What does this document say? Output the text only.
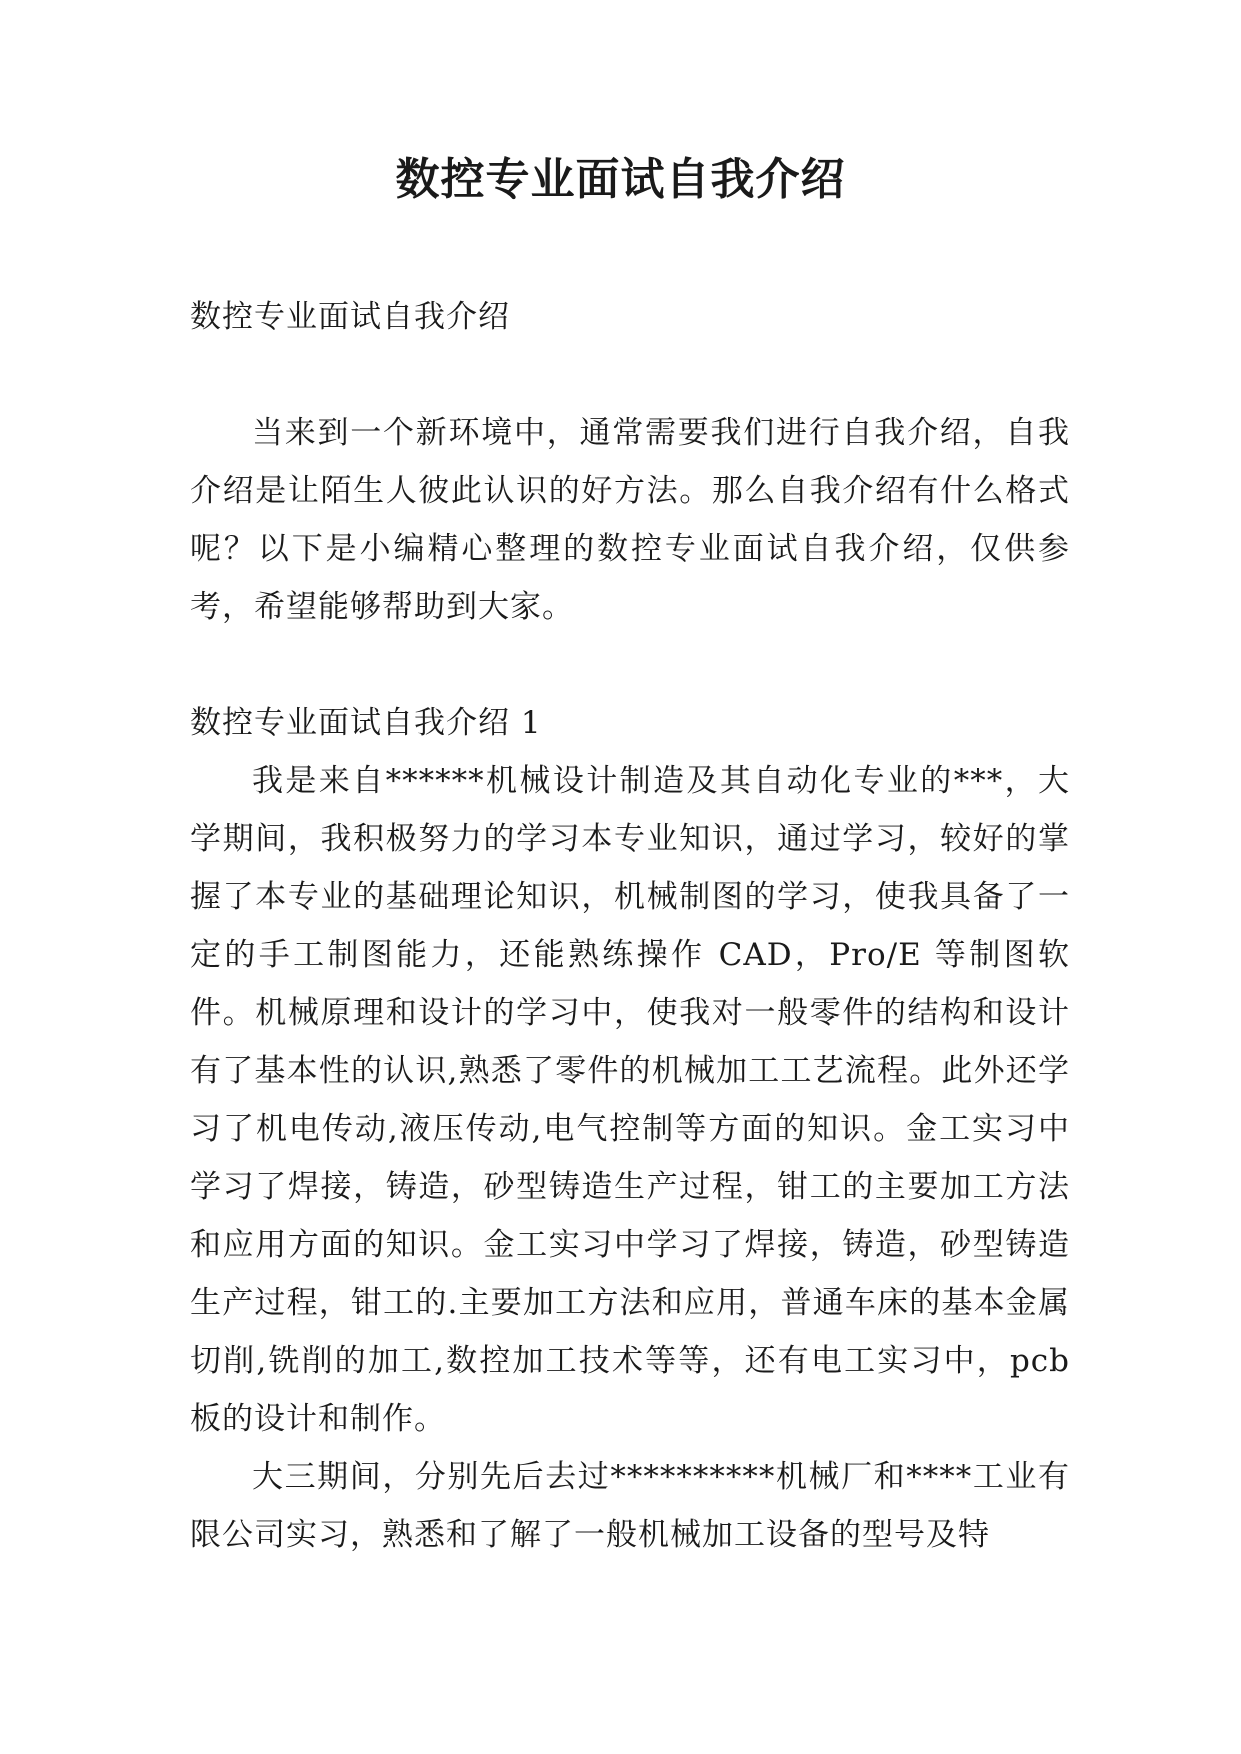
数控专业面试自我介绍
数控专业面试自我介绍
当来到一个新环境中，通常需要我们进行自我介绍，自我介绍是让陌生人彼此认识的好方法。那么自我介绍有什么格式呢？以下是小编精心整理的数控专业面试自我介绍，仅供参考，希望能够帮助到大家。
数控专业面试自我介绍 1
我是来自******机械设计制造及其自动化专业的***，大学期间，我积极努力的学习本专业知识，通过学习，较好的掌握了本专业的基础理论知识，机械制图的学习，使我具备了一定的手工制图能力，还能熟练操作 CAD，Pro/E 等制图软件。机械原理和设计的学习中，使我对一般零件的结构和设计有了基本性的认识,熟悉了零件的机械加工工艺流程。此外还学习了机电传动,液压传动,电气控制等方面的知识。金工实习中学习了焊接，铸造，砂型铸造生产过程，钳工的主要加工方法和应用方面的知识。金工实习中学习了焊接，铸造，砂型铸造生产过程，钳工的.主要加工方法和应用，普通车床的基本金属切削,铣削的加工,数控加工技术等等，还有电工实习中，pcb 板的设计和制作。
大三期间，分别先后去过**********机械厂和****工业有限公司实习，熟悉和了解了一般机械加工设备的型号及特
